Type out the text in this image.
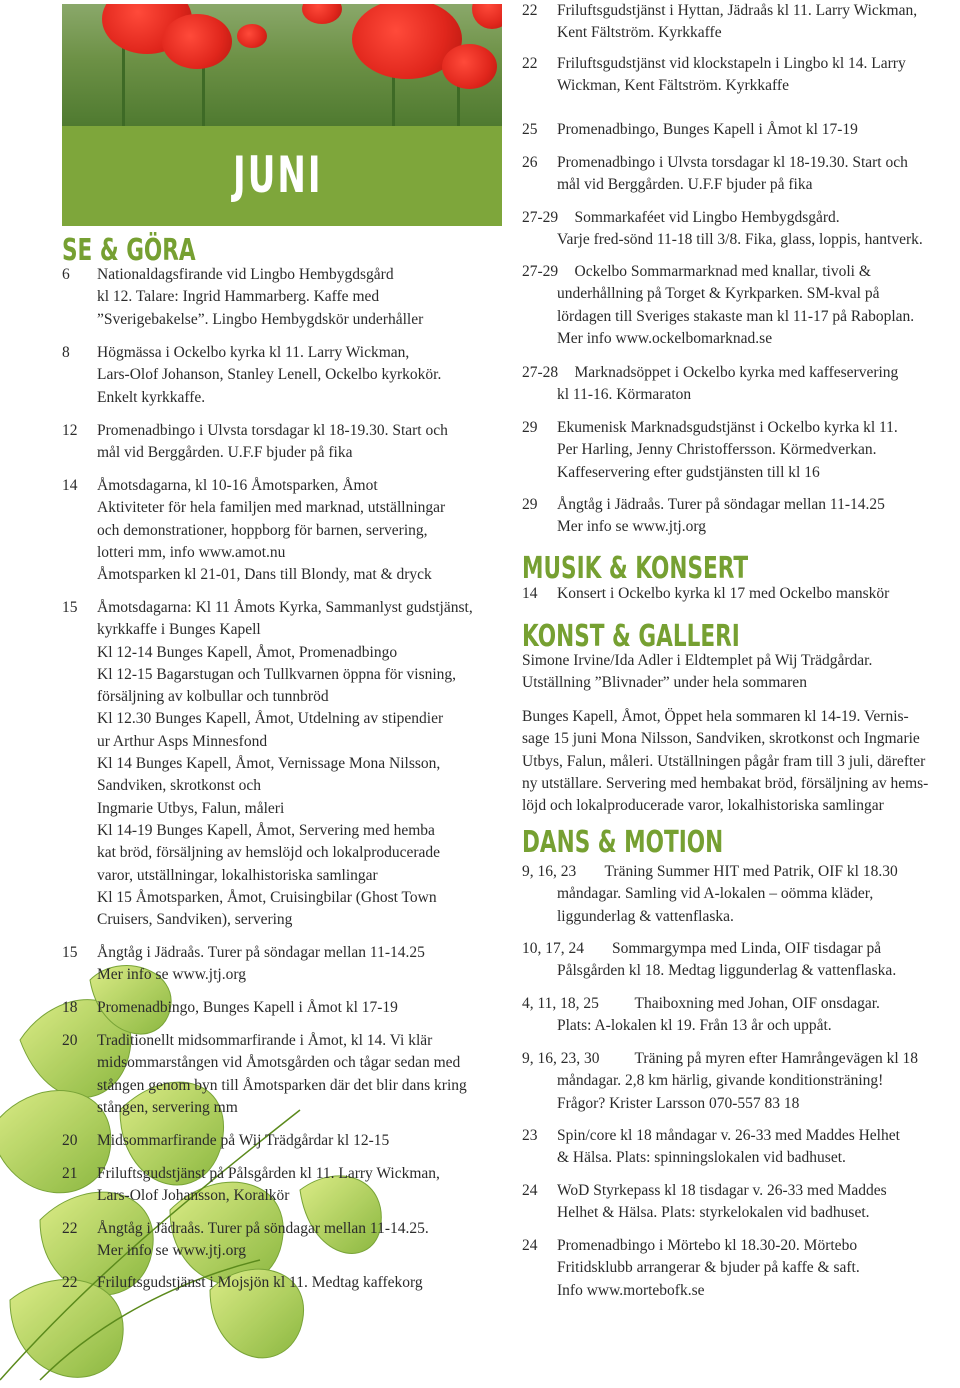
JUNI
SE & GÖRA
6 Nationaldagsfirande vid Lingbo Hembygdsgård
kl 12. Talare: Ingrid Hammarberg. Kaffe med
”Sverigebakelse”. Lingbo Hembygdskör underhåller
8 Högmässa i Ockelbo kyrka kl 11. Larry Wickman,
Lars-Olof Johanson, Stanley Lenell, Ockelbo kyrkokör.
Enkelt kyrkkaffe.
12 Promenadbingo i Ulvsta torsdagar kl 18-19.30. Start och
mål vid Berggården. U.F.F bjuder på fika
14 Åmotsdagarna, kl 10-16 Åmotsparken, Åmot
Aktiviteter för hela familjen med marknad, utställningar
och demonstrationer, hoppborg för barnen, servering,
lotteri mm, info www.amot.nu
Åmotsparken kl 21-01, Dans till Blondy, mat & dryck
15 Åmotsdagarna: Kl 11 Åmots Kyrka, Sammanlyst gudstjänst,
kyrkkaffe i Bunges Kapell
Kl 12-14 Bunges Kapell, Åmot, Promenadbingo
Kl 12-15 Bagarstugan och Tullkvarnen öppna för visning,
försäljning av kolbullar och tunnbröd
Kl 12.30 Bunges Kapell, Åmot, Utdelning av stipendier
ur Arthur Asps Minnesfond
Kl 14 Bunges Kapell, Åmot, Vernissage Mona Nilsson,
Sandviken, skrotkonst och
Ingmarie Utbys, Falun, måleri
Kl 14-19 Bunges Kapell, Åmot, Servering med hemba
kat bröd, försäljning av hemslöjd och lokalproducerade
varor, utställningar, lokalhistoriska samlingar
Kl 15 Åmotsparken, Åmot, Cruisingbilar (Ghost Town
Cruisers, Sandviken), servering
15 Ångtåg i Jädraås. Turer på söndagar mellan 11-14.25
Mer info se www.jtj.org
18 Promenadbingo, Bunges Kapell i Åmot kl 17-19
20 Traditionellt midsommarfirande i Åmot, kl 14. Vi klär
midsommarstången vid Åmotsgården och tågar sedan med
stången genom byn till Åmotsparken där det blir dans kring
stången, servering mm
20 Midsommarfirande på Wij Trädgårdar kl 12-15
21 Friluftsgudstjänst på Pålsgården kl 11. Larry Wickman,
Lars-Olof Johansson, Koralkör
22 Ångtåg i Jädraås. Turer på söndagar mellan 11-14.25.
Mer info se www.jtj.org
22 Friluftsgudstjänst i Mojsjön kl 11. Medtag kaffekorg
22 Friluftsgudstjänst i Hyttan, Jädraås kl 11. Larry Wickman,
Kent Fältström. Kyrkkaffe
22 Friluftsgudstjänst vid klockstapeln i Lingbo kl 14. Larry
Wickman, Kent Fältström. Kyrkkaffe
25 Promenadbingo, Bunges Kapell i Åmot kl 17-19
26 Promenadbingo i Ulvsta torsdagar kl 18-19.30. Start och
mål vid Berggården. U.F.F bjuder på fika
27-29 Sommarkaféet vid Lingbo Hembygdsgård.
Varje fred-sönd 11-18 till 3/8. Fika, glass, loppis, hantverk.
27-29 Ockelbo Sommarmarknad med knallar, tivoli &
underhållning på Torget & Kyrkparken. SM-kval på
lördagen till Sveriges stakaste man kl 11-17 på Raboplan.
Mer info www.ockelbomarknad.se
27-28 Marknadsöppet i Ockelbo kyrka med kaffeservering
kl 11-16. Körmaraton
29 Ekumenisk Marknadsgudstjänst i Ockelbo kyrka kl 11.
Per Harling, Jenny Christoffersson. Körmedverkan.
Kaffeservering efter gudstjänsten till kl 16
29 Ångtåg i Jädraås. Turer på söndagar mellan 11-14.25
Mer info se www.jtj.org
MUSIK & KONSERT
14 Konsert i Ockelbo kyrka kl 17 med Ockelbo manskör
KONST & GALLERI
Simone Irvine/Ida Adler i Eldtemplet på Wij Trädgårdar.
Utställning ”Blivnader” under hela sommaren
Bunges Kapell, Åmot, Öppet hela sommaren kl 14-19. Vernis-
sage 15 juni Mona Nilsson, Sandviken, skrotkonst och Ingmarie
Utbys, Falun, måleri. Utställningen pågår fram till 3 juli, därefter
ny utställare. Servering med hembakat bröd, försäljning av hems-
löjd och lokalproducerade varor, lokalhistoriska samlingar
DANS & MOTION
9, 16, 23 Träning Summer HIT med Patrik, OIF kl 18.30
måndagar. Samling vid A-lokalen – oömma kläder,
liggunderlag & vattenflaska.
10, 17, 24 Sommargympa med Linda, OIF tisdagar på
Pålsgården kl 18. Medtag liggunderlag & vattenflaska.
4, 11, 18, 25 Thaiboxning med Johan, OIF onsdagar.
Plats: A-lokalen kl 19. Från 13 år och uppåt.
9, 16, 23, 30 Träning på myren efter Hamrångevägen kl 18
måndagar. 2,8 km härlig, givande konditionsträning!
Frågor? Krister Larsson 070-557 83 18
23 Spin/core kl 18 måndagar v. 26-33 med Maddes Helhet
& Hälsa. Plats: spinningslokalen vid badhuset.
24 WoD Styrkepass kl 18 tisdagar v. 26-33 med Maddes
Helhet & Hälsa. Plats: styrkelokalen vid badhuset.
24 Promenadbingo i Mörtebo kl 18.30-20. Mörtebo
Fritidsklubb arrangerar & bjuder på kaffe & saft.
Info www.mortebofk.se
